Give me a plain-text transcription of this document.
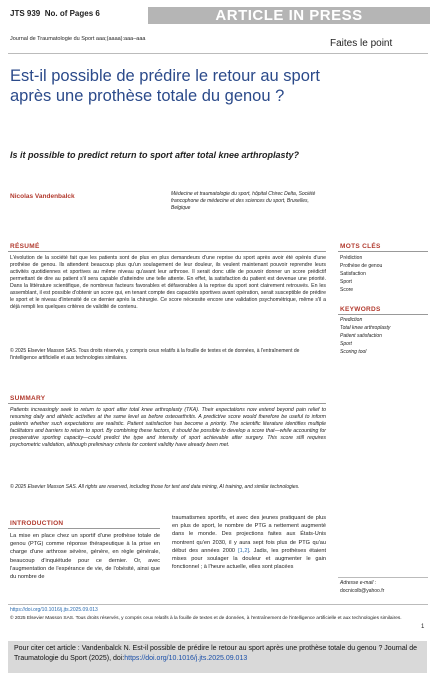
JTS 939 No. of Pages 6	ARTICLE IN PRESS
Journal de Traumatologie du Sport aaa;(aaaa):aaa–aaa	Faites le point
Est-il possible de prédire le retour au sport après une prothèse totale du genou ?
Is it possible to predict return to sport after total knee arthroplasty?
Nicolas Vandenbalck	Médecine et traumatologie du sport, hôpital Chirec Delta, Société francophone de médecine et des sciences du sport, Bruxelles, Belgique
RÉSUMÉ
L'évolution de la société fait que les patients sont de plus en plus demandeurs d'une reprise du sport après avoir été opérés d'une prothèse de genou. Ils attendent beaucoup plus qu'un soulagement de leur douleur, ils veulent maintenant pouvoir reprendre leurs activités quotidiennes et sportives au même niveau qu'avant leur arthrose. Il serait donc utile de pouvoir donner un score prédictif permettant de dire au patient s'il sera capable d'atteindre une telle attente. En effet, la satisfaction du patient est devenue une priorité. Dans la littérature scientifique, de nombreux facteurs favorables et défavorables à la reprise du sport sont clairement retrouvés. En les assemblant, il est possible d'obtenir un score qui, en tenant compte des capacités sportives avant opération, serait susceptible de prédire le sport et le niveau d'intensité de ce dernier après la chirurgie. Ce score nécessite encore une validation psychométrique, même s'il a déjà rempli les quelques critères de validité de contenu.
© 2025 Elsevier Masson SAS. Tous droits réservés, y compris ceux relatifs à la fouille de textes et de données, à l'entraînement de l'intelligence artificielle et aux technologies similaires.
MOTS CLÉS
Prédiction
Prothèse de genou
Satisfaction
Sport
Score
KEYWORDS
Prediction
Total knee arthroplasty
Patient satisfaction
Sport
Scoring tool
SUMMARY
Patients increasingly seek to return to sport after total knee arthroplasty (TKA). Their expectations now extend beyond pain relief to resuming daily and athletic activities at the same level as before osteoarthritis. A predictive score would therefore be useful to inform patients whether such expectations are realistic. Patient satisfaction has become a priority. The scientific literature identifies multiple facilitators and barriers to return to sport. By combining these factors, it should be possible to develop a score that—while accounting for preoperative sporting capacity—could predict the type and intensity of sport achievable after surgery. This score still requires psychometric validation, although preliminary criteria for content validity have already been met.
© 2025 Elsevier Masson SAS. All rights are reserved, including those for text and data mining, AI training, and similar technologies.
INTRODUCTION
La mise en place chez un sportif d'une prothèse totale de genou (PTG) comme réponse thérapeutique à la prise en charge d'une arthrose sévère, génère, en règle générale, beaucoup d'inquiétude pour ce dernier. Or, avec l'augmentation de l'espérance de vie, de l'obésité, ainsi que du nombre de
traumatismes sportifs, et avec des jeunes pratiquant de plus en plus de sport, le nombre de PTG a nettement augmenté dans le monde. Des projections faites aux États-Unis montrent qu'en 2030, il y aura sept fois plus de PTG qu'au début des années 2000 [1,2]. Jadis, les prothèses étaient mises pour soulager la douleur et augmenter le gain fonctionnel ; à l'heure actuelle, elles sont placées
Adresse e-mail :
docnicolb@yahoo.fr
https://doi.org/10.1016/j.jts.2025.09.013
© 2025 Elsevier Masson SAS. Tous droits réservés, y compris ceux relatifs à la fouille de textes et de données, à l'entraînement de l'intelligence artificielle et aux technologies similaires.
1
Pour citer cet article : Vandenbalck N. Est-il possible de prédire le retour au sport après une prothèse totale du genou ? Journal de Traumatologie du Sport (2025), doi:https://doi.org/10.1016/j.jts.2025.09.013
